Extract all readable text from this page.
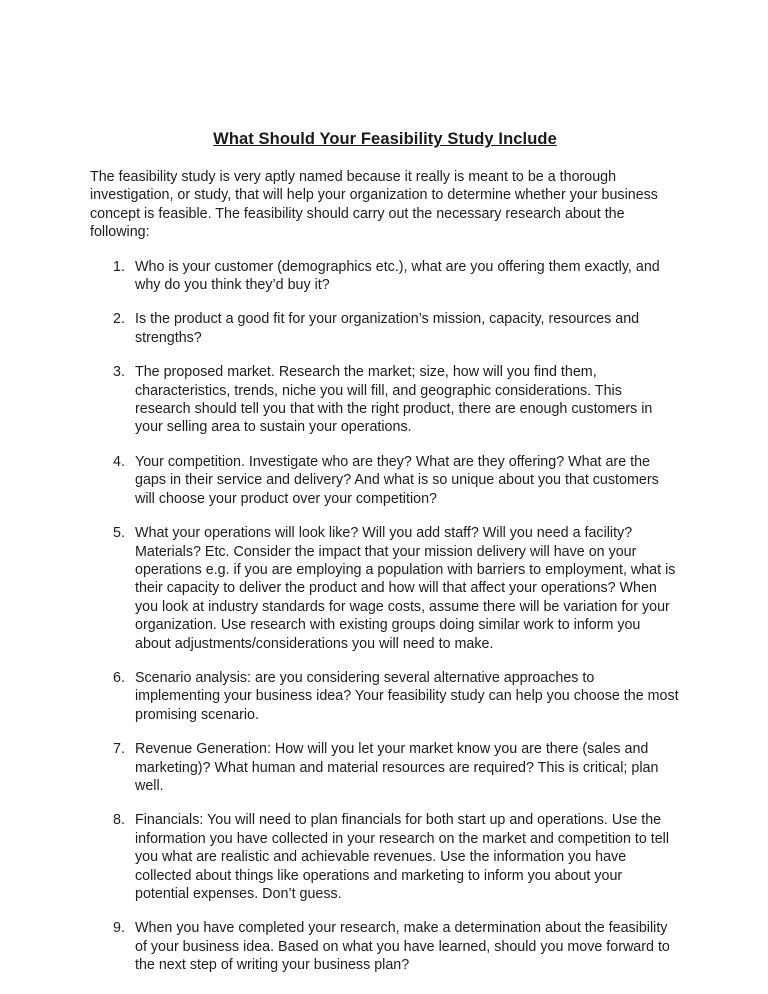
What Should Your Feasibility Study Include

The feasibility study is very aptly named because it really is meant to be a thorough investigation, or study, that will help your organization to determine whether your business concept is feasible. The feasibility should carry out the necessary research about the following:

1. Who is your customer (demographics etc.), what are you offering them exactly, and why do you think they’d buy it?
2. Is the product a good fit for your organization’s mission, capacity, resources and strengths?
3. The proposed market. Research the market; size, how will you find them, characteristics, trends, niche you will fill, and geographic considerations. This research should tell you that with the right product, there are enough customers in your selling area to sustain your operations.
4. Your competition. Investigate who are they? What are they offering? What are the gaps in their service and delivery? And what is so unique about you that customers will choose your product over your competition?
5. What your operations will look like? Will you add staff? Will you need a facility? Materials? Etc. Consider the impact that your mission delivery will have on your operations e.g. if you are employing a population with barriers to employment, what is their capacity to deliver the product and how will that affect your operations? When you look at industry standards for wage costs, assume there will be variation for your organization. Use research with existing groups doing similar work to inform you about adjustments/considerations you will need to make.
6. Scenario analysis: are you considering several alternative approaches to implementing your business idea? Your feasibility study can help you choose the most promising scenario.
7. Revenue Generation: How will you let your market know you are there (sales and marketing)? What human and material resources are required? This is critical; plan well.
8. Financials: You will need to plan financials for both start up and operations. Use the information you have collected in your research on the market and competition to tell you what are realistic and achievable revenues. Use the information you have collected about things like operations and marketing to inform you about your potential expenses. Don’t guess.
9. When you have completed your research, make a determination about the feasibility of your business idea. Based on what you have learned, should you move forward to the next step of writing your business plan?
